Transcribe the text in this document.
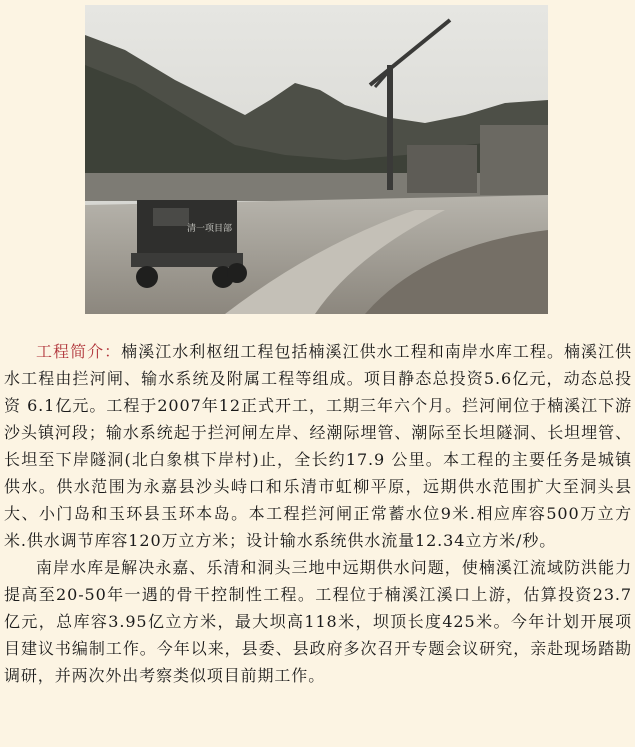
清一项目部

工程简介：楠溪江水利枢纽工程包括楠溪江供水工程和南岸水库工程。楠溪江供水工程由拦河闸、输水系统及附属工程等组成。项目静态总投资5.6亿元，动态总投资 6.1亿元。工程于2007年12正式开工，工期三年六个月。拦河闸位于楠溪江下游沙头镇河段；输水系统起于拦河闸左岸、经潮际埋管、潮际至长坦隧洞、长坦埋管、长坦至下岸隧洞(北白象棋下岸村)止，全长约17.9 公里。本工程的主要任务是城镇供水。供水范围为永嘉县沙头峙口和乐清市虹柳平原，远期供水范围扩大至洞头县大、小门岛和玉环县玉环本岛。本工程拦河闸正常蓄水位9米.相应库容500万立方米.供水调节库容120万立方米；设计输水系统供水流量12.34立方米/秒。

南岸水库是解决永嘉、乐清和洞头三地中远期供水问题，使楠溪江流域防洪能力提高至20-50年一遇的骨干控制性工程。工程位于楠溪江溪口上游，估算投资23.7亿元，总库容3.95亿立方米，最大坝高118米，坝顶长度425米。今年计划开展项目建议书编制工作。今年以来，县委、县政府多次召开专题会议研究，亲赴现场踏勘调研，并两次外出考察类似项目前期工作。
